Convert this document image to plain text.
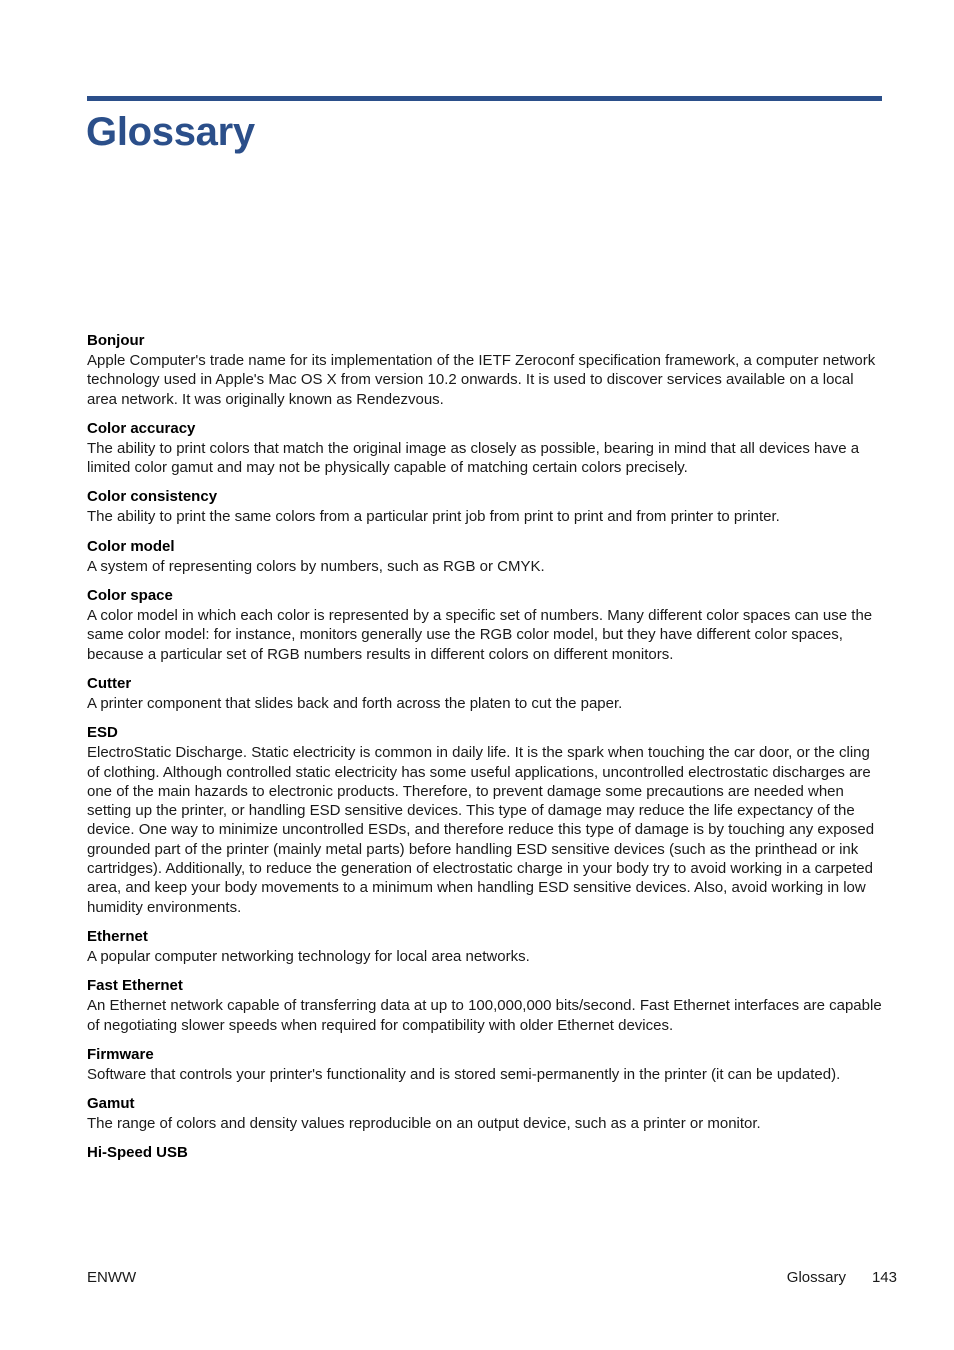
Glossary
Bonjour
Apple Computer's trade name for its implementation of the IETF Zeroconf specification framework, a computer network technology used in Apple's Mac OS X from version 10.2 onwards. It is used to discover services available on a local area network. It was originally known as Rendezvous.
Color accuracy
The ability to print colors that match the original image as closely as possible, bearing in mind that all devices have a limited color gamut and may not be physically capable of matching certain colors precisely.
Color consistency
The ability to print the same colors from a particular print job from print to print and from printer to printer.
Color model
A system of representing colors by numbers, such as RGB or CMYK.
Color space
A color model in which each color is represented by a specific set of numbers. Many different color spaces can use the same color model: for instance, monitors generally use the RGB color model, but they have different color spaces, because a particular set of RGB numbers results in different colors on different monitors.
Cutter
A printer component that slides back and forth across the platen to cut the paper.
ESD
ElectroStatic Discharge. Static electricity is common in daily life. It is the spark when touching the car door, or the cling of clothing. Although controlled static electricity has some useful applications, uncontrolled electrostatic discharges are one of the main hazards to electronic products. Therefore, to prevent damage some precautions are needed when setting up the printer, or handling ESD sensitive devices. This type of damage may reduce the life expectancy of the device. One way to minimize uncontrolled ESDs, and therefore reduce this type of damage is by touching any exposed grounded part of the printer (mainly metal parts) before handling ESD sensitive devices (such as the printhead or ink cartridges). Additionally, to reduce the generation of electrostatic charge in your body try to avoid working in a carpeted area, and keep your body movements to a minimum when handling ESD sensitive devices. Also, avoid working in low humidity environments.
Ethernet
A popular computer networking technology for local area networks.
Fast Ethernet
An Ethernet network capable of transferring data at up to 100,000,000 bits/second. Fast Ethernet interfaces are capable of negotiating slower speeds when required for compatibility with older Ethernet devices.
Firmware
Software that controls your printer's functionality and is stored semi-permanently in the printer (it can be updated).
Gamut
The range of colors and density values reproducible on an output device, such as a printer or monitor.
Hi-Speed USB
ENWW	Glossary 143
